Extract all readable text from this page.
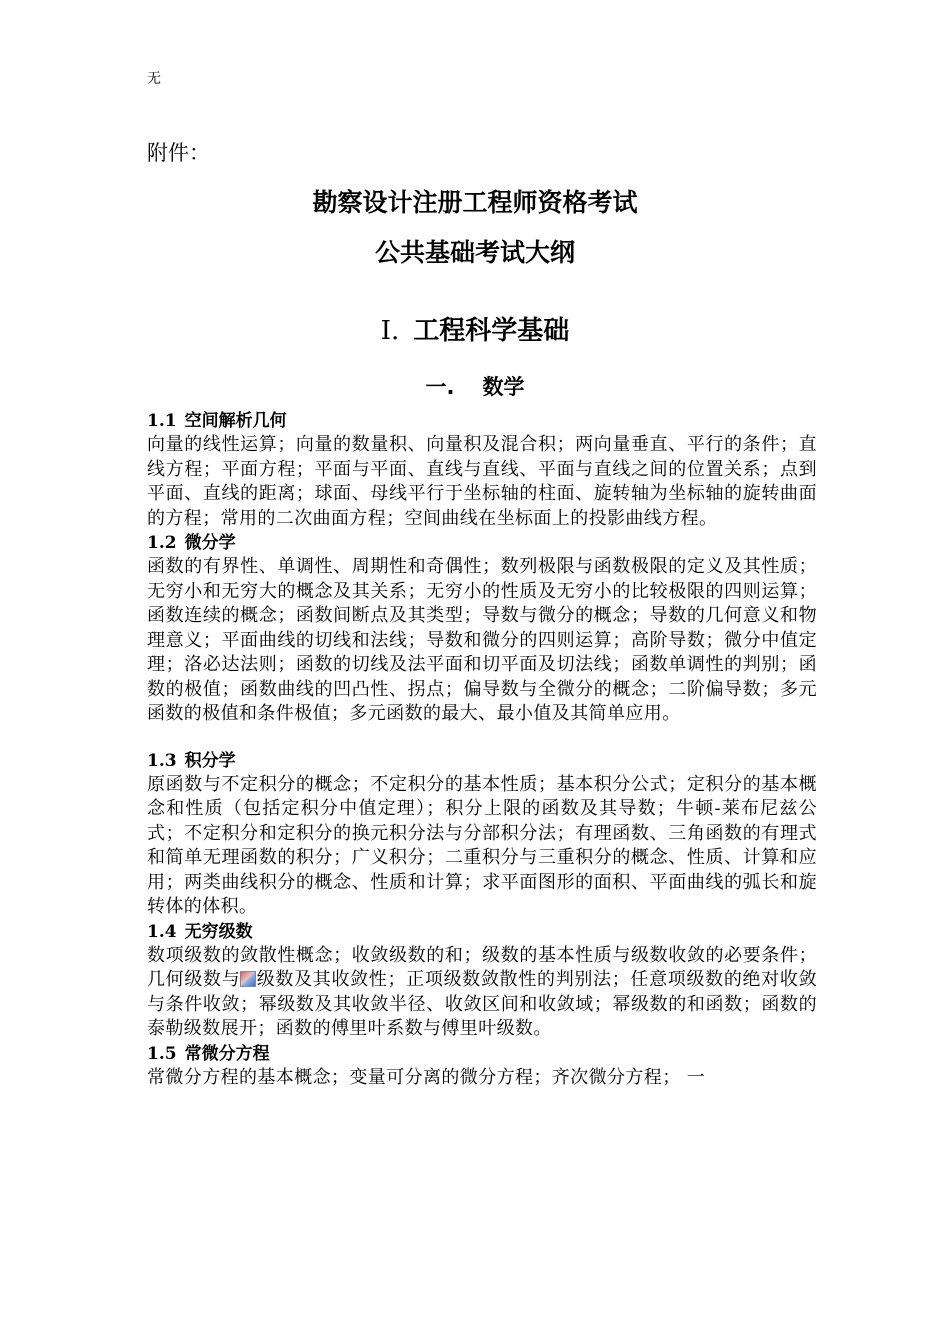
无
附件：
勘察设计注册工程师资格考试
公共基础考试大纲
I. 工程科学基础
一. 数学

1.1 空间解析几何

向量的线性运算；向量的数量积、向量积及混合积；两向量垂直、平行的条件；直线方程；平面方程；平面与平面、直线与直线、平面与直线之间的位置关系；点到平面、直线的距离；球面、母线平行于坐标轴的柱面、旋转轴为坐标轴的旋转曲面的方程；常用的二次曲面方程；空间曲线在坐标面上的投影曲线方程。

1.2 微分学

函数的有界性、单调性、周期性和奇偶性；数列极限与函数极限的定义及其性质；无穷小和无穷大的概念及其关系；无穷小的性质及无穷小的比较极限的四则运算；函数连续的概念；函数间断点及其类型；导数与微分的概念；导数的几何意义和物理意义；平面曲线的切线和法线；导数和微分的四则运算；高阶导数；微分中值定理；洛必达法则；函数的切线及法平面和切平面及切法线；函数单调性的判别；函数的极值；函数曲线的凹凸性、拐点；偏导数与全微分的概念；二阶偏导数；多元函数的极值和条件极值；多元函数的最大、最小值及其简单应用。

1.3 积分学

原函数与不定积分的概念；不定积分的基本性质；基本积分公式；定积分的基本概念和性质（包括定积分中值定理）；积分上限的函数及其导数；牛顿-莱布尼兹公式；不定积分和定积分的换元积分法与分部积分法；有理函数、三角函数的有理式和简单无理函数的积分；广义积分；二重积分与三重积分的概念、性质、计算和应用；两类曲线积分的概念、性质和计算；求平面图形的面积、平面曲线的弧长和旋转体的体积。

1.4 无穷级数

数项级数的敛散性概念；收敛级数的和；级数的基本性质与级数收敛的必要条件；几何级数与 级数及其收敛性；正项级数敛散性的判别法；任意项级数的绝对收敛与条件收敛；幂级数及其收敛半径、收敛区间和收敛域；幂级数的和函数；函数的泰勒级数展开；函数的傅里叶系数与傅里叶级数。

1.5 常微分方程

常微分方程的基本概念；变量可分离的微分方程；齐次微分方程； 一
